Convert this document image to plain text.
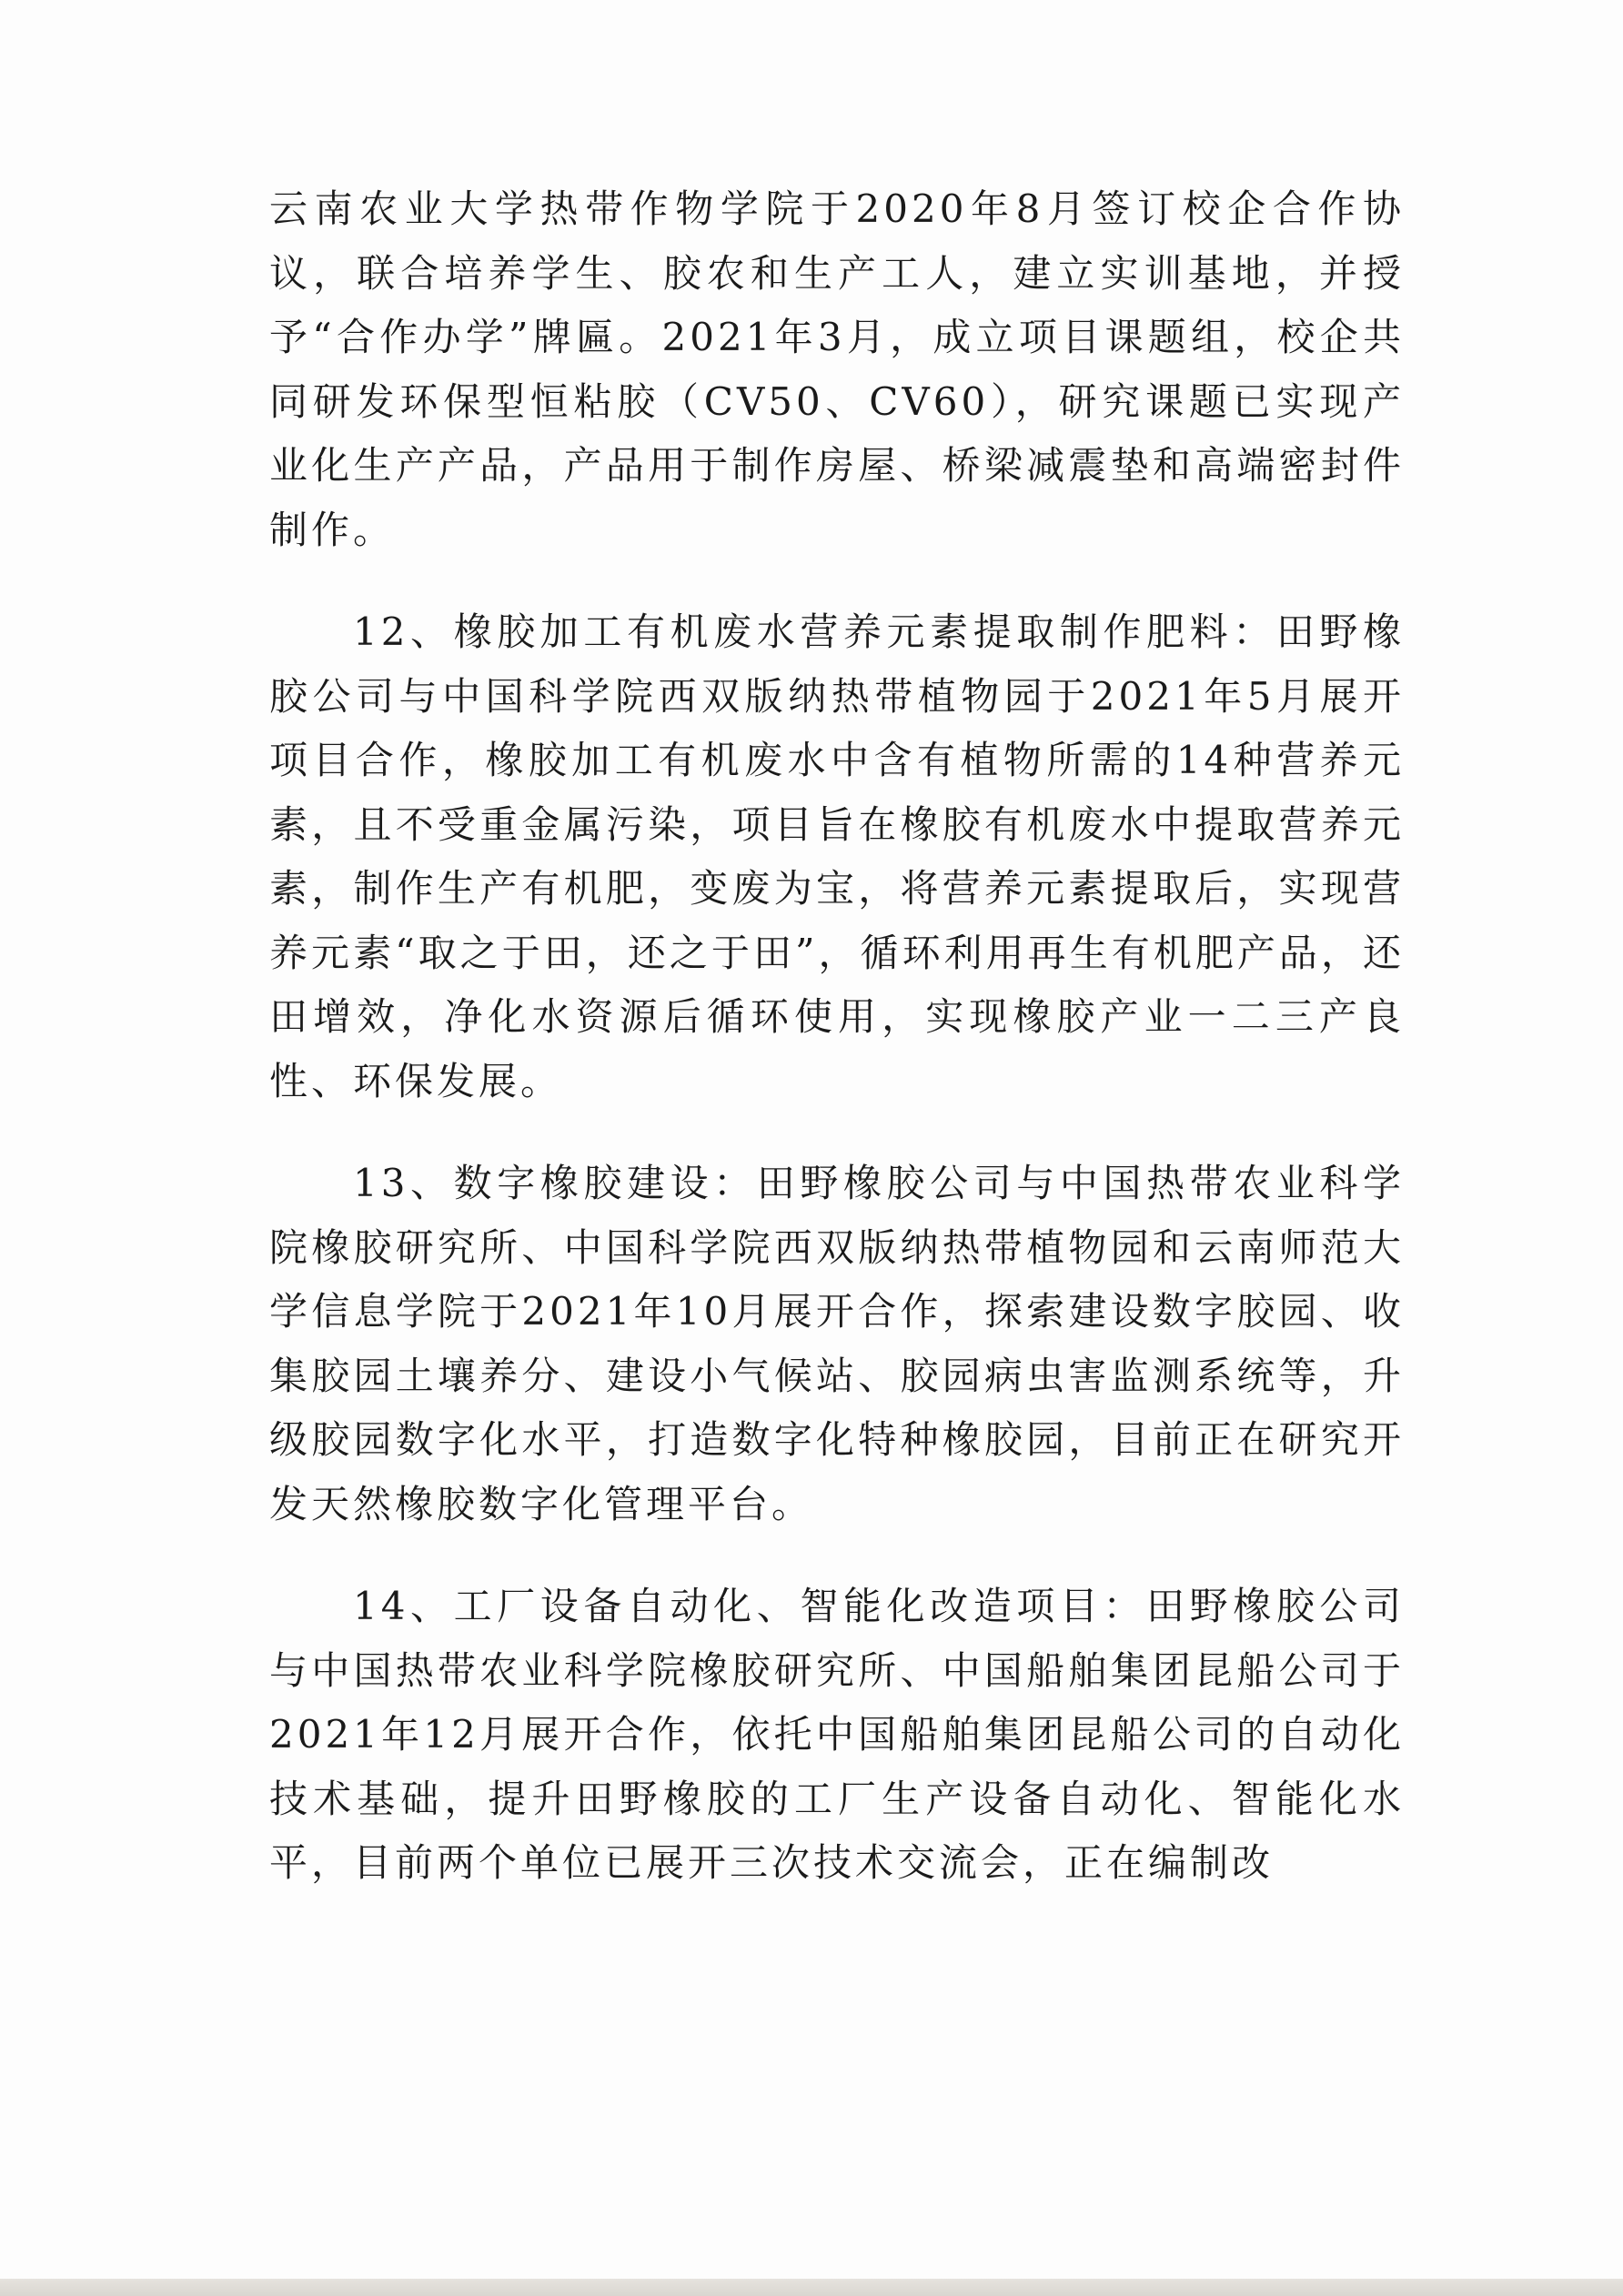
云南农业大学热带作物学院于2020年8月签订校企合作协议，联合培养学生、胶农和生产工人，建立实训基地，并授予“合作办学”牌匾。2021年3月，成立项目课题组，校企共同研发环保型恒粘胶（CV50、CV60），研究课题已实现产业化生产产品，产品用于制作房屋、桥梁减震垫和高端密封件制作。

12、橡胶加工有机废水营养元素提取制作肥料：田野橡胶公司与中国科学院西双版纳热带植物园于2021年5月展开项目合作，橡胶加工有机废水中含有植物所需的14种营养元素，且不受重金属污染，项目旨在橡胶有机废水中提取营养元素，制作生产有机肥，变废为宝，将营养元素提取后，实现营养元素“取之于田，还之于田”，循环利用再生有机肥产品，还田增效，净化水资源后循环使用，实现橡胶产业一二三产良性、环保发展。

13、数字橡胶建设：田野橡胶公司与中国热带农业科学院橡胶研究所、中国科学院西双版纳热带植物园和云南师范大学信息学院于2021年10月展开合作，探索建设数字胶园、收集胶园土壤养分、建设小气候站、胶园病虫害监测系统等，升级胶园数字化水平，打造数字化特种橡胶园，目前正在研究开发天然橡胶数字化管理平台。

14、工厂设备自动化、智能化改造项目：田野橡胶公司与中国热带农业科学院橡胶研究所、中国船舶集团昆船公司于2021年12月展开合作，依托中国船舶集团昆船公司的自动化技术基础，提升田野橡胶的工厂生产设备自动化、智能化水平，目前两个单位已展开三次技术交流会，正在编制改
